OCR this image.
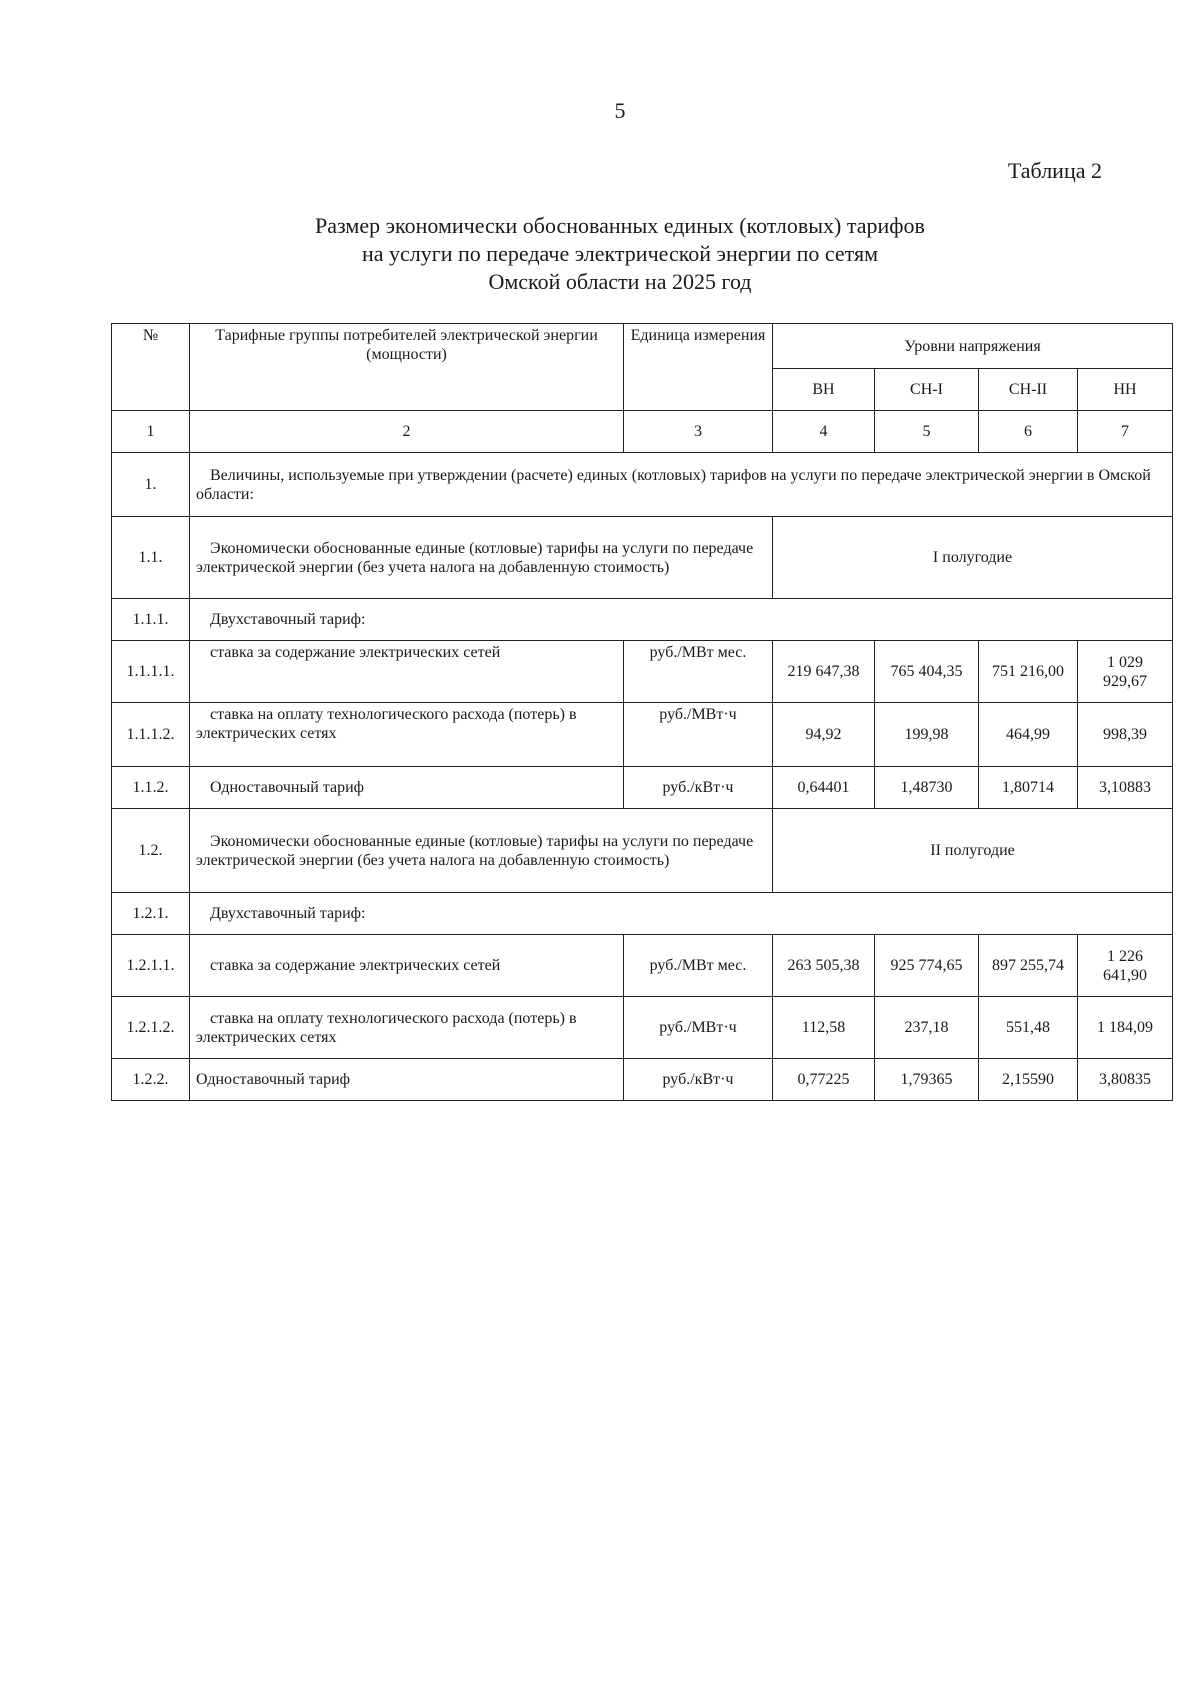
5
Таблица 2
Размер экономически обоснованных единых (котловых) тарифов
на услуги по передаче электрической энергии по сетям
Омской области на 2025 год
№	Тарифные группы потребителей электрической энергии (мощности)	Единица измерения	Уровни напряжения			
			ВН	СН-I	СН-II	НН
1	2	3	4	5	6	7
1.	Величины, используемые при утверждении (расчете) единых (котловых) тарифов на услуги по передаче электрической энергии в Омской области:					
1.1.	Экономически обоснованные единые (котловые) тарифы на услуги по передаче электрической энергии (без учета налога на добавленную стоимость)		I полугодие			
1.1.1.	Двухставочный тариф:					
1.1.1.1.	ставка за содержание электрических сетей	руб./МВт мес.	219 647,38	765 404,35	751 216,00	1 029 929,67
1.1.1.2.	ставка на оплату технологического расхода (потерь) в электрических сетях	руб./МВт·ч	94,92	199,98	464,99	998,39
1.1.2.	Одноставочный тариф	руб./кВт·ч	0,64401	1,48730	1,80714	3,10883
1.2.	Экономически обоснованные единые (котловые) тарифы на услуги по передаче электрической энергии (без учета налога на добавленную стоимость)		II полугодие			
1.2.1.	Двухставочный тариф:					
1.2.1.1.	ставка за содержание электрических сетей	руб./МВт мес.	263 505,38	925 774,65	897 255,74	1 226 641,90
1.2.1.2.	ставка на оплату технологического расхода (потерь) в электрических сетях	руб./МВт·ч	112,58	237,18	551,48	1 184,09
1.2.2.	Одноставочный тариф	руб./кВт·ч	0,77225	1,79365	2,15590	3,80835
